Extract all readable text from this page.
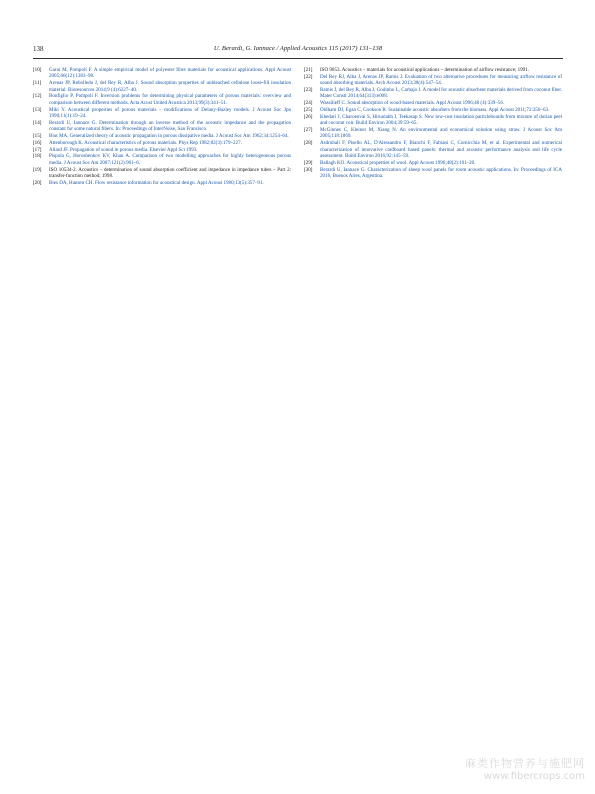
138	U. Berardi, G. Iannace / Applied Acoustics 115 (2017) 131–138
[10] Garai M, Pompoli F. A simple empirical model of polyester fibre materials for acoustical applications. Appl Acoust 2005;66(12):1383–98.
[11] Arenas JP, Rebolledo J, del Rey R, Alba J. Sound absorption properties of unbleached cellulose loose-fill insulation material. Bioresources 2014;9 (4):6227–40.
[12] Bonfiglio P, Pompoli F. Inversion problems for determining physical parameters of porous materials: overview and comparison between different methods. Acta Acust United Acustica 2013;99(3):341–51.
[13] Miki Y. Acoustical properties of porous materials – modifications of Delany-Bazley models. J Acoust Soc Jpn 1990;11(1):19–24.
[14] Berardi U, Iannace G. Determination through an inverse method of the acoustic impedance and the propagation constant for some natural fibers. In: Proceedings of InterNoise, San Francisco.
[15] Biot MA. Generalized theory of acoustic propagation in porous dissipative media. J Acoust Soc Am 1962;34:1254–64.
[16] Attenborough K. Acoustical characteristics of porous materials. Phys Rep 1982;82(3):179–227.
[17] Allard JF. Propagation of sound in porous media. Elsevier Appl Sci 1993.
[18] Pispola G, Horoshenkov KV, Khan A. Comparison of two modelling approaches for highly heterogeneous porous media. J Acoust Soc Am 2007;121(2):961–6.
[19] ISO 10534-2. Acoustics – determination of sound absorption coefficient and impedance in impedance tubes – Part 2: transfer-function method; 1998.
[20] Bies DA, Hansen CH. Flow resistance information for acoustical design. Appl Acoust 1980;13(5):357–91.
[21] ISO 9053. Acoustics – materials for acoustical applications – determination of airflow resistance; 1991.
[22] Del Rey RJ, Alba J, Arenas JP, Ramis J. Evaluation of two alternative procedures for measuring airflow resistance of sound absorbing materials. Arch Acoust 2013;38(4):547–54.
[23] Ramis J, del Rey R, Alba J, Godinho L, Carbajo J. A model for acoustic absorbent materials derived from coconut fiber. Mater Constr 2014;64(313):e008.
[24] Wassilieff C. Sound absorption of wood-based materials. Appl Acoust 1996;48 (4):339–56.
[25] Oldham DJ, Egan C, Cookson R. Sustainable acoustic absorbers from the biomass. Appl Acoust 2011;72:350–63.
[26] Khedari J, Charoenvai S, Hirunlabh J, Teekasap S. New low-cost insulation particleboards from mixture of durian peel and coconut coir. Build Environ 2004;39:59–65.
[27] McGinnes C, Kleiner M, Xiang N. An environmental and economical solution using straw. J Acoust Soc Am 2005;118:1869.
[28] Asdrubali F, Pisello AL, D'Alessandro F, Bianchi F, Fabiani C, Cornicchia M, et al. Experimental and numerical characterization of innovative cardboard based panels: thermal and acoustic performance analysis and life cycle assessment. Build Environ 2016;92:145–59.
[29] Ballagh KO. Acoustical properties of wool. Appl Acoust 1996;48(2):101–20.
[30] Berardi U, Iannace G. Characterization of sheep wool panels for room acoustic applications. In: Proceedings of ICA 2016, Buenos Aires, Argentina.
麻类作物营养与施肥网
www.fibercrops.com
